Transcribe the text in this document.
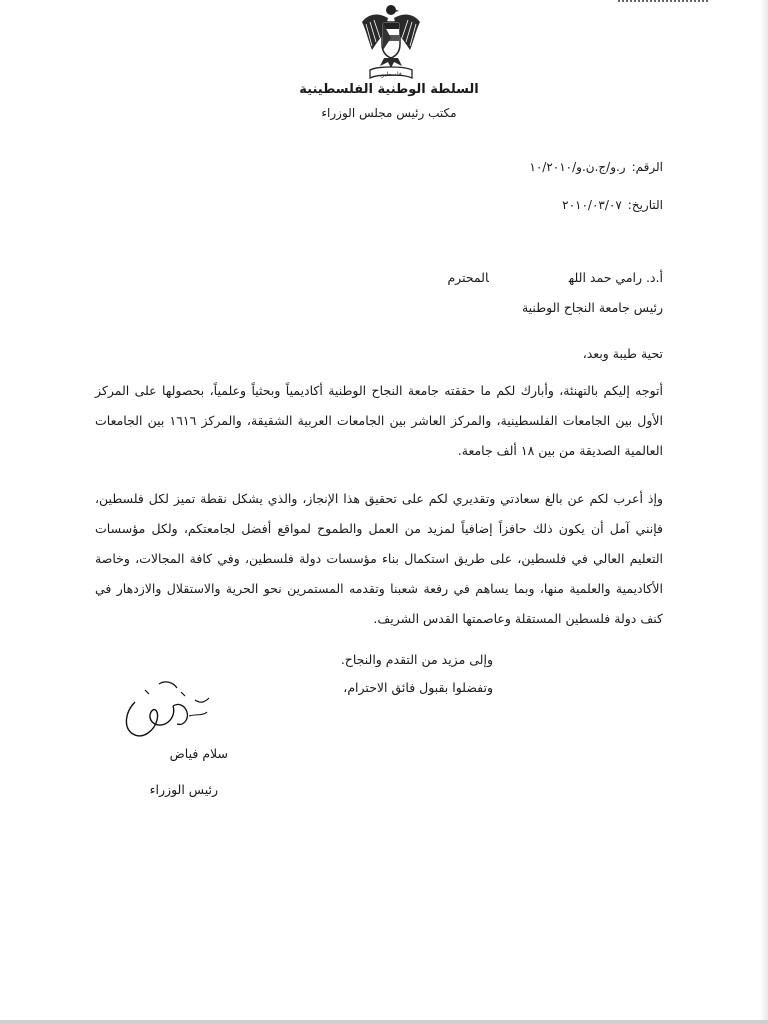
فلسطين
السلطة الوطنية الفلسطينية
مكتب رئيس مجلس الوزراء
الرقم:ر.و/ج.ن.و/١٠/٢٠١٠
التاريخ:٢٠١٠/٠٣/٠٧
أ.د. رامي حمد اللهالمحترم
رئيس جامعة النجاح الوطنية
تحية طيبة وبعد،
أتوجه إليكم بالتهنئة، وأبارك لكم ما حققته جامعة النجاح الوطنية أكاديمياً وبحثياً وعلمياً، بحصولها على المركز الأول بين الجامعات الفلسطينية، والمركز العاشر بين الجامعات العربية الشقيقة، والمركز ١٦١٦ بين الجامعات العالمية الصديقة من بين ١٨ ألف جامعة.
وإذ أعرب لكم عن بالغ سعادتي وتقديري لكم على تحقيق هذا الإنجاز، والذي يشكل نقطة تميز لكل فلسطين، فإنني آمل أن يكون ذلك حافزاً إضافياً لمزيد من العمل والطموح لمواقع أفضل لجامعتكم، ولكل مؤسسات التعليم العالي في فلسطين، على طريق استكمال بناء مؤسسات دولة فلسطين، وفي كافة المجالات، وخاصة الأكاديمية والعلمية منها، وبما يساهم في رفعة شعبنا وتقدمه المستمرين نحو الحرية والاستقلال والازدهار في كنف دولة فلسطين المستقلة وعاصمتها القدس الشريف.
وإلى مزيد من التقدم والنجاح.
وتفضلوا بقبول فائق الاحترام،
سلام فياض
رئيس الوزراء
